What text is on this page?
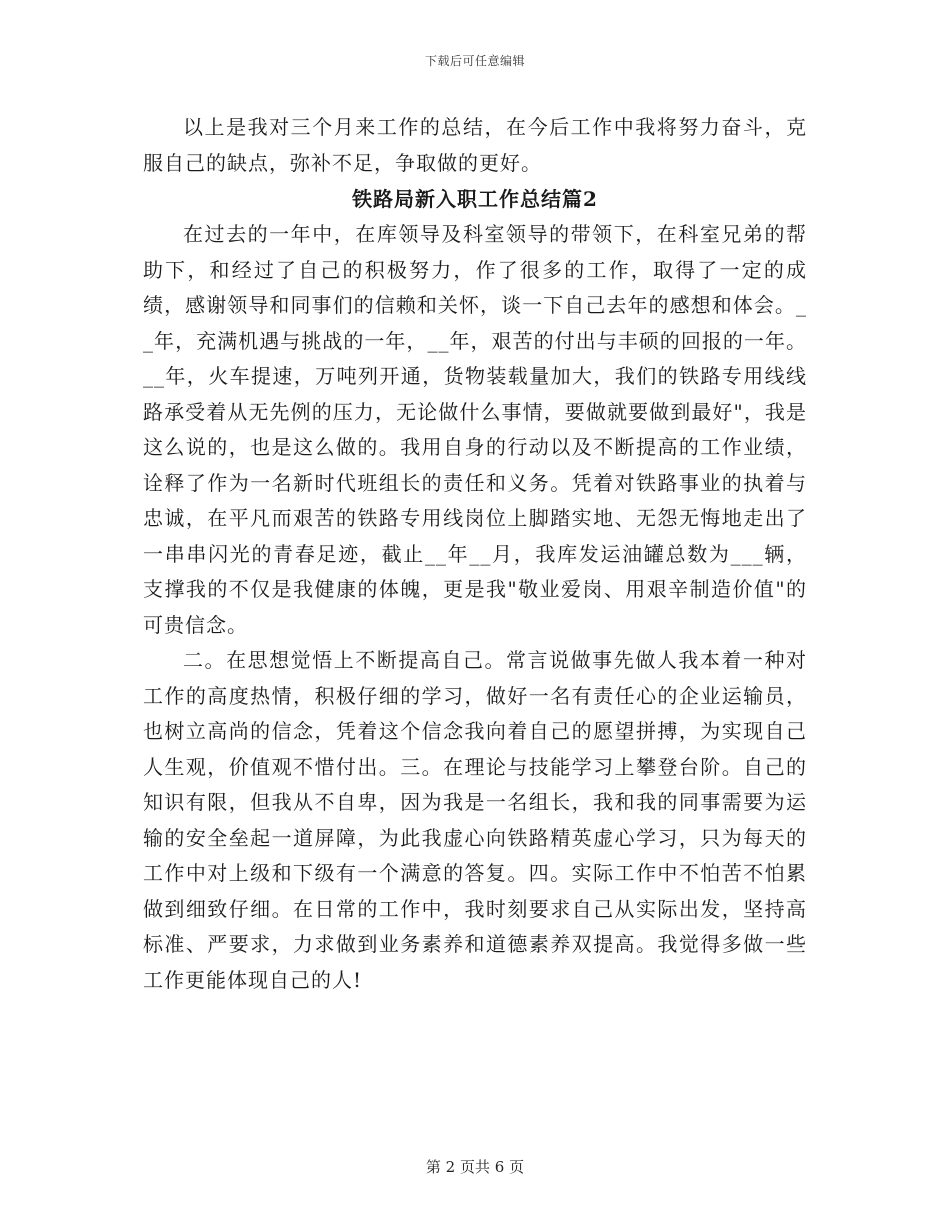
下载后可任意编辑

以上是我对三个月来工作的总结，在今后工作中我将努力奋斗，克服自己的缺点，弥补不足，争取做的更好。

铁路局新入职工作总结篇2

在过去的一年中，在库领导及科室领导的带领下，在科室兄弟的帮助下，和经过了自己的积极努力，作了很多的工作，取得了一定的成绩，感谢领导和同事们的信赖和关怀，谈一下自己去年的感想和体会。__年，充满机遇与挑战的一年，__年，艰苦的付出与丰硕的回报的一年。__年，火车提速，万吨列开通，货物装载量加大，我们的铁路专用线线路承受着从无先例的压力，无论做什么事情，要做就要做到最好"，我是这么说的，也是这么做的。我用自身的行动以及不断提高的工作业绩，诠释了作为一名新时代班组长的责任和义务。凭着对铁路事业的执着与忠诚，在平凡而艰苦的铁路专用线岗位上脚踏实地、无怨无悔地走出了一串串闪光的青春足迹，截止__年__月，我库发运油罐总数为___辆，支撑我的不仅是我健康的体魄，更是我"敬业爱岗、用艰辛制造价值"的可贵信念。

二。在思想觉悟上不断提高自己。常言说做事先做人我本着一种对工作的高度热情，积极仔细的学习，做好一名有责任心的企业运输员，也树立高尚的信念，凭着这个信念我向着自己的愿望拼搏，为实现自己人生观，价值观不惜付出。三。在理论与技能学习上攀登台阶。自己的知识有限，但我从不自卑，因为我是一名组长，我和我的同事需要为运输的安全垒起一道屏障，为此我虚心向铁路精英虚心学习，只为每天的工作中对上级和下级有一个满意的答复。四。实际工作中不怕苦不怕累做到细致仔细。在日常的工作中，我时刻要求自己从实际出发，坚持高标准、严要求，力求做到业务素养和道德素养双提高。我觉得多做一些工作更能体现自己的人!

第 2 页共 6 页
